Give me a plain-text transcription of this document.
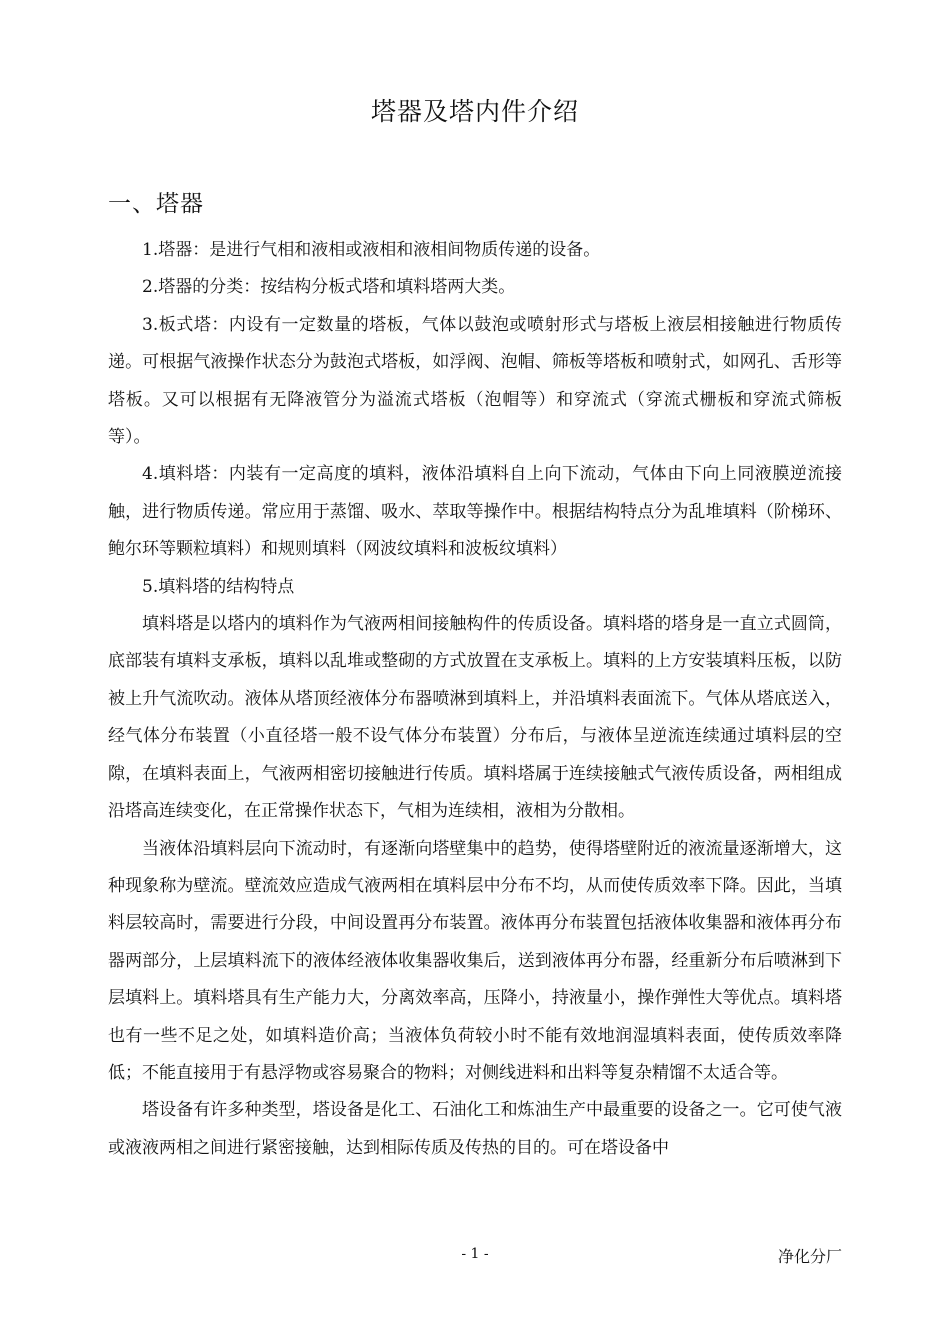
塔器及塔内件介绍
一、塔器

1.塔器：是进行气相和液相或液相和液相间物质传递的设备。

2.塔器的分类：按结构分板式塔和填料塔两大类。

3.板式塔：内设有一定数量的塔板，气体以鼓泡或喷射形式与塔板上液层相接触进行物质传递。可根据气液操作状态分为鼓泡式塔板，如浮阀、泡帽、筛板等塔板和喷射式，如网孔、舌形等塔板。又可以根据有无降液管分为溢流式塔板（泡帽等）和穿流式（穿流式栅板和穿流式筛板等）。

4.填料塔：内装有一定高度的填料，液体沿填料自上向下流动，气体由下向上同液膜逆流接触，进行物质传递。常应用于蒸馏、吸水、萃取等操作中。根据结构特点分为乱堆填料（阶梯环、鲍尔环等颗粒填料）和规则填料（网波纹填料和波板纹填料）

5.填料塔的结构特点

填料塔是以塔内的填料作为气液两相间接触构件的传质设备。填料塔的塔身是一直立式圆筒，底部装有填料支承板，填料以乱堆或整砌的方式放置在支承板上。填料的上方安装填料压板，以防被上升气流吹动。液体从塔顶经液体分布器喷淋到填料上，并沿填料表面流下。气体从塔底送入，经气体分布装置（小直径塔一般不设气体分布装置）分布后，与液体呈逆流连续通过填料层的空隙，在填料表面上，气液两相密切接触进行传质。填料塔属于连续接触式气液传质设备，两相组成沿塔高连续变化，在正常操作状态下，气相为连续相，液相为分散相。

当液体沿填料层向下流动时，有逐渐向塔壁集中的趋势，使得塔壁附近的液流量逐渐增大，这种现象称为壁流。壁流效应造成气液两相在填料层中分布不均，从而使传质效率下降。因此，当填料层较高时，需要进行分段，中间设置再分布装置。液体再分布装置包括液体收集器和液体再分布器两部分，上层填料流下的液体经液体收集器收集后，送到液体再分布器，经重新分布后喷淋到下层填料上。填料塔具有生产能力大，分离效率高，压降小，持液量小，操作弹性大等优点。填料塔也有一些不足之处，如填料造价高；当液体负荷较小时不能有效地润湿填料表面，使传质效率降低；不能直接用于有悬浮物或容易聚合的物料；对侧线进料和出料等复杂精馏不太适合等。

塔设备有许多种类型，塔设备是化工、石油化工和炼油生产中最重要的设备之一。它可使气液或液液两相之间进行紧密接触，达到相际传质及传热的目的。可在塔设备中

- 1 -	净化分厂
